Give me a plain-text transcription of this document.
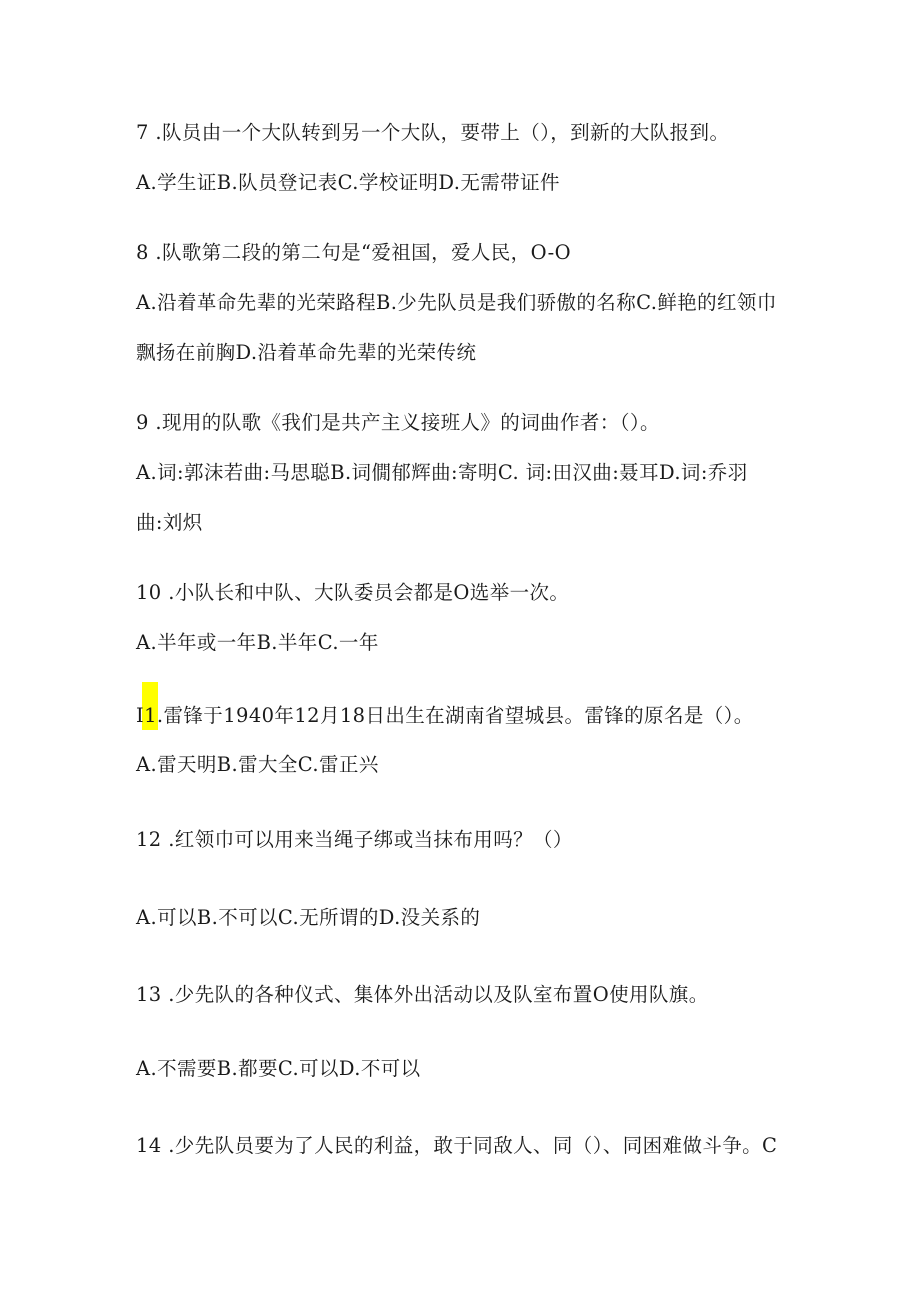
7 .队员由一个大队转到另一个大队，要带上（），到新的大队报到。
A.学生证B.队员登记表C.学校证明D.无需带证件
8 .队歌第二段的第二句是“爱祖国，爱人民，O-O
A.沿着革命先辈的光荣路程B.少先队员是我们骄傲的名称C.鲜艳的红领巾
飘扬在前胸D.沿着革命先辈的光荣传统
9 .现用的队歌《我们是共产主义接班人》的词曲作者：（）。
A.词:郭沫若曲:马思聪B.词僩郁辉曲:寄明C. 词:田汉曲:聂耳D.词:乔羽
曲:刘炽
10 .小队长和中队、大队委员会都是O选举一次。
A.半年或一年B.半年C.一年
I1.雷锋于1940年12月18日出生在湖南省望城县。雷锋的原名是（）。
A.雷天明B.雷大全C.雷正兴
12 .红领巾可以用来当绳子绑或当抹布用吗？（）
A.可以B.不可以C.无所谓的D.没关系的
13 .少先队的各种仪式、集体外出活动以及队室布置O使用队旗。
A.不需要B.都要C.可以D.不可以
14 .少先队员要为了人民的利益，敢于同敌人、同（）、同困难做斗争。C
